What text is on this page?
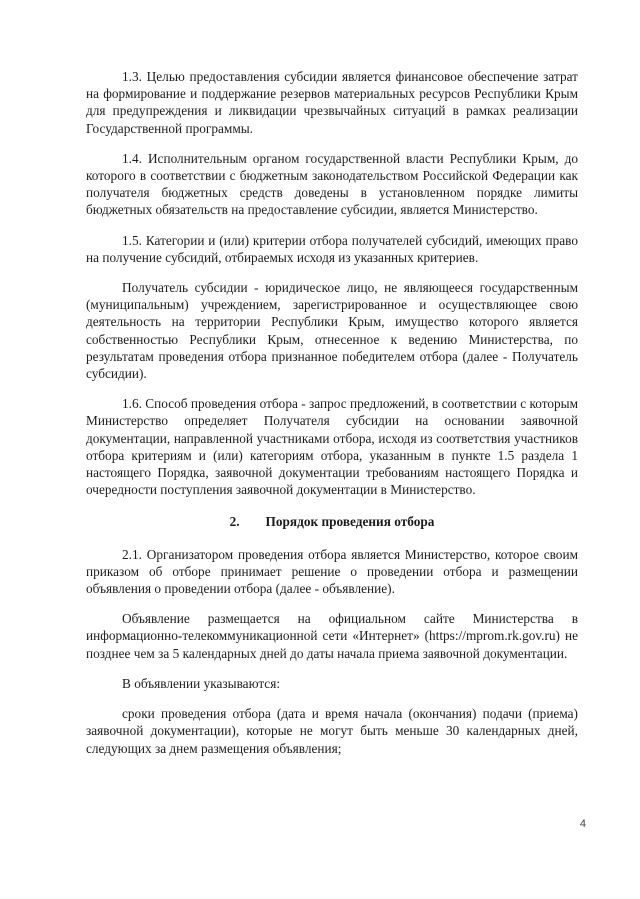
1.3. Целью предоставления субсидии является финансовое обеспечение затрат на формирование и поддержание резервов материальных ресурсов Республики Крым для предупреждения и ликвидации чрезвычайных ситуаций в рамках реализации Государственной программы.

1.4. Исполнительным органом государственной власти Республики Крым, до которого в соответствии с бюджетным законодательством Российской Федерации как получателя бюджетных средств доведены в установленном порядке лимиты бюджетных обязательств на предоставление субсидии, является Министерство.

1.5. Категории и (или) критерии отбора получателей субсидий, имеющих право на получение субсидий, отбираемых исходя из указанных критериев.

Получатель субсидии - юридическое лицо, не являющееся государственным (муниципальным) учреждением, зарегистрированное и осуществляющее свою деятельность на территории Республики Крым, имущество которого является собственностью Республики Крым, отнесенное к ведению Министерства, по результатам проведения отбора признанное победителем отбора (далее - Получатель субсидии).

1.6. Способ проведения отбора - запрос предложений, в соответствии с которым Министерство определяет Получателя субсидии на основании заявочной документации, направленной участниками отбора, исходя из соответствия участников отбора критериям и (или) категориям отбора, указанным в пункте 1.5 раздела 1 настоящего Порядка, заявочной документации требованиям настоящего Порядка и очередности поступления заявочной документации в Министерство.

2. Порядок проведения отбора

2.1. Организатором проведения отбора является Министерство, которое своим приказом об отборе принимает решение о проведении отбора и размещении объявления о проведении отбора (далее - объявление).

Объявление размещается на официальном сайте Министерства в информационно-телекоммуникационной сети «Интернет» (https://mprom.rk.gov.ru) не позднее чем за 5 календарных дней до даты начала приема заявочной документации.

В объявлении указываются:

сроки проведения отбора (дата и время начала (окончания) подачи (приема) заявочной документации), которые не могут быть меньше 30 календарных дней, следующих за днем размещения объявления;

4
